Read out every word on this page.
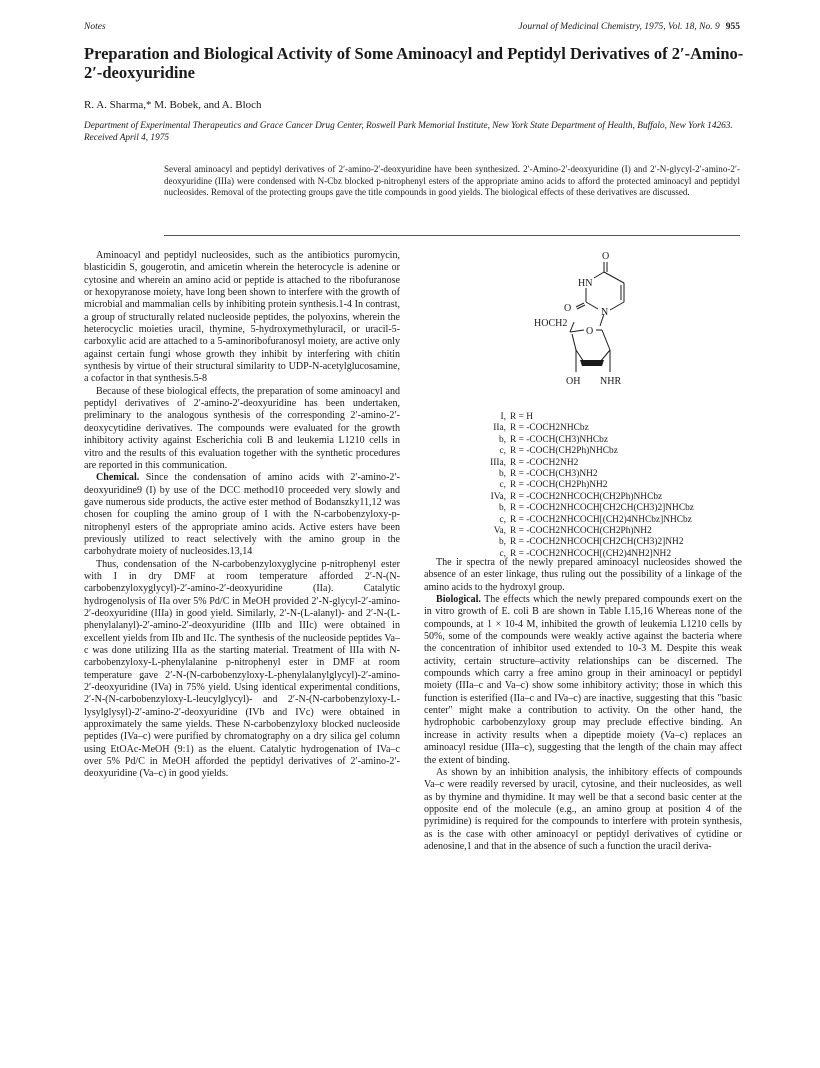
Notes	Journal of Medicinal Chemistry, 1975, Vol. 18, No. 9 955
Preparation and Biological Activity of Some Aminoacyl and Peptidyl Derivatives of 2′-Amino-2′-deoxyuridine
R. A. Sharma,* M. Bobek, and A. Bloch
Department of Experimental Therapeutics and Grace Cancer Drug Center, Roswell Park Memorial Institute, New York State Department of Health, Buffalo, New York 14263. Received April 4, 1975
Several aminoacyl and peptidyl derivatives of 2′-amino-2′-deoxyuridine have been synthesized. 2′-Amino-2′-deoxyuridine (I) and 2′-N-glycyl-2′-amino-2′-deoxyuridine (IIIa) were condensed with N-Cbz blocked p-nitrophenyl esters of the appropriate amino acids to afford the protected aminoacyl and peptidyl nucleosides. Removal of the protecting groups gave the title compounds in good yields. The biological effects of these derivatives are discussed.

Aminoacyl and peptidyl nucleosides, such as the antibiotics puromycin, blasticidin S, gougerotin, and amicetin wherein the heterocycle is adenine or cytosine and wherein an amino acid or peptide is attached to the ribofuranose or hexopyranose moiety, have long been shown to interfere with the growth of microbial and mammalian cells by inhibiting protein synthesis.1-4 In contrast, a group of structurally related nucleoside peptides, the polyoxins, wherein the heterocyclic moieties uracil, thymine, 5-hydroxymethyluracil, or uracil-5-carboxylic acid are attached to a 5-aminoribofuranosyl moiety, are active only against certain fungi whose growth they inhibit by interfering with chitin synthesis by virtue of their structural similarity to UDP-N-acetylglucosamine, a cofactor in that synthesis.5-8

Because of these biological effects, the preparation of some aminoacyl and peptidyl derivatives of 2′-amino-2′-deoxyuridine has been undertaken, preliminary to the analogous synthesis of the corresponding 2′-amino-2′-deoxycytidine derivatives. The compounds were evaluated for the growth inhibitory activity against Escherichia coli B and leukemia L1210 cells in vitro and the results of this evaluation together with the synthetic procedures are reported in this communication.

Chemical. Since the condensation of amino acids with 2′-amino-2′-deoxyuridine9 (I) by use of the DCC method10 proceeded very slowly and gave numerous side products, the active ester method of Bodanszky11,12 was chosen for coupling the amino group of I with the N-carbobenzyloxy-p-nitrophenyl esters of the appropriate amino acids. Active esters have been previously utilized to react selectively with the amino group in the carbohydrate moiety of nucleosides.13,14

Thus, condensation of the N-carbobenzyloxyglycine p-nitrophenyl ester with I in dry DMF at room temperature afforded 2′-N-(N-carbobenzyloxyglycyl)-2′-amino-2′-deoxyuridine (IIa). Catalytic hydrogenolysis of IIa over 5% Pd/C in MeOH provided 2′-N-glycyl-2′-amino-2′-deoxyuridine (IIIa) in good yield. Similarly, 2′-N-(L-alanyl)- and 2′-N-(L-phenylalanyl)-2′-amino-2′-deoxyuridine (IIIb and IIIc) were obtained in excellent yields from IIb and IIc. The synthesis of the nucleoside peptides Va–c was done utilizing IIIa as the starting material. Treatment of IIIa with N-carbobenzyloxy-L-phenylalanine p-nitrophenyl ester in DMF at room temperature gave 2′-N-(N-carbobenzyloxy-L-phenylalanylglycyl)-2′-amino-2′-deoxyuridine (IVa) in 75% yield. Using identical experimental conditions, 2′-N-(N-carbobenzyloxy-L-leucylglycyl)- and 2′-N-(N-carbobenzyloxy-L-lysylglysyl)-2′-amino-2′-deoxyuridine (IVb and IVc) were obtained in approximately the same yields. These N-carbobenzyloxy blocked nucleoside peptides (IVa–c) were purified by chromatography on a dry silica gel column using EtOAc-MeOH (9:1) as the eluent. Catalytic hydrogenation of IVa–c over 5% Pd/C in MeOH afforded the peptidyl derivatives of 2′-amino-2′-deoxyuridine (Va–c) in good yields.

O
HN
O	N
O
HOCH2
OH NHR
I, R = H
IIa, R = -COCH2NHCbz
b, R = -COCH(CH3)NHCbz
c, R = -COCH(CH2Ph)NHCbz
IIIa, R = -COCH2NH2
b, R = -COCH(CH3)NH2
c, R = -COCH(CH2Ph)NH2
IVa, R = -COCH2NHCOCH(CH2Ph)NHCbz
b, R = -COCH2NHCOCH[CH2CH(CH3)2]NHCbz
c, R = -COCH2NHCOCH[(CH2)4NHCbz]NHCbz
Va, R = -COCH2NHCOCH(CH2Ph)NH2
b, R = -COCH2NHCOCH[CH2CH(CH3)2]NH2
c, R = -COCH2NHCOCH[(CH2)4NH2]NH2

The ir spectra of the newly prepared aminoacyl nucleosides showed the absence of an ester linkage, thus ruling out the possibility of a linkage of the amino acids to the hydroxyl group.

Biological. The effects which the newly prepared compounds exert on the in vitro growth of E. coli B are shown in Table I.15,16 Whereas none of the compounds, at 1 × 10-4 M, inhibited the growth of leukemia L1210 cells by 50%, some of the compounds were weakly active against the bacteria where the concentration of inhibitor used extended to 10-3 M. Despite this weak activity, certain structure–activity relationships can be discerned. The compounds which carry a free amino group in their aminoacyl or peptidyl moiety (IIIa–c and Va–c) show some inhibitory activity; those in which this function is esterified (IIa–c and IVa–c) are inactive, suggesting that this "basic center" might make a contribution to activity. On the other hand, the hydrophobic carbobenzyloxy group may preclude effective binding. An increase in activity results when a dipeptide moiety (Va–c) replaces an aminoacyl residue (IIIa–c), suggesting that the length of the chain may affect the extent of binding.

As shown by an inhibition analysis, the inhibitory effects of compounds Va–c were readily reversed by uracil, cytosine, and their nucleosides, as well as by thymine and thymidine. It may well be that a second basic center at the opposite end of the molecule (e.g., an amino group at position 4 of the pyrimidine) is required for the compounds to interfere with protein synthesis, as is the case with other aminoacyl or peptidyl derivatives of cytidine or adenosine,1 and that in the absence of such a function the uracil deriva-
